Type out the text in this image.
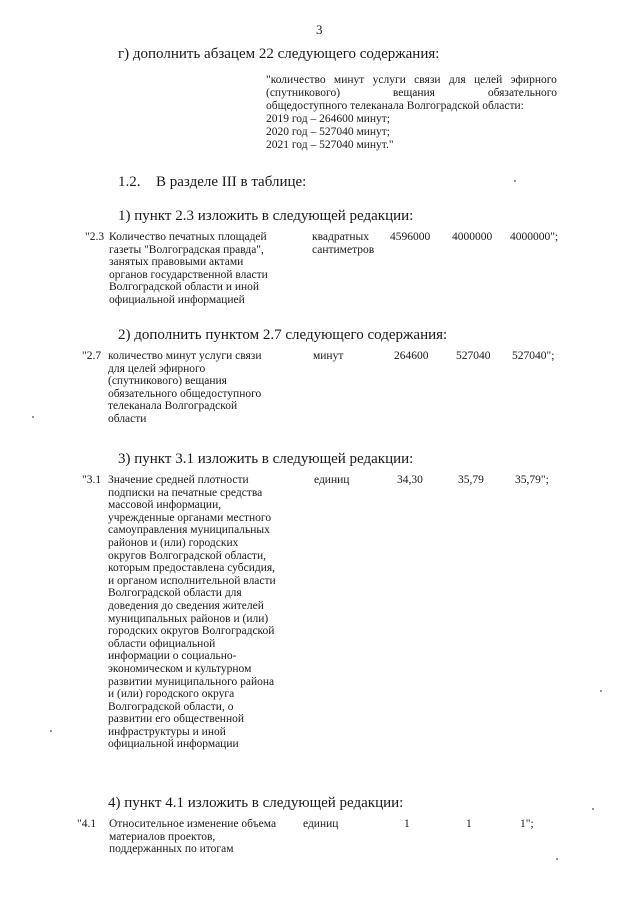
3
г) дополнить абзацем 22 следующего содержания:
"количество минут услуги связи для целей эфирного
(спутникового)	вещания	обязательного
общедоступного телеканала Волгоградской области:
2019 год – 264600 минут;
2020 год – 527040 минут;
2021 год – 527040 минут."
1.2. В разделе III в таблице:
1) пункт 2.3 изложить в следующей редакции:
"2.3 Количество печатных площадей
газеты "Волгоградская правда",
занятых правовыми актами
органов государственной власти
Волгоградской области и иной
официальной информацией
квадратных
сантиметров
4596000 4000000 4000000";
2) дополнить пунктом 2.7 следующего содержания:
"2.7 количество минут услуги связи
для целей эфирного
(спутникового) вещания
обязательного общедоступного
телеканала Волгоградской
области
минут	264600 527040 527040";
3) пункт 3.1 изложить в следующей редакции:
"3.1 Значение средней плотности
подписки на печатные средства
массовой информации,
учрежденные органами местного
самоуправления муниципальных
районов и (или) городских
округов Волгоградской области,
которым предоставлена субсидия,
и органом исполнительной власти
Волгоградской области для
доведения до сведения жителей
муниципальных районов и (или)
городских округов Волгоградской
области официальной
информации о социально-
экономическом и культурном
развитии муниципального района
и (или) городского округа
Волгоградской области, о
развитии его общественной
инфраструктуры и иной
официальной информации
единиц	34,30	35,79	35,79";
4) пункт 4.1 изложить в следующей редакции:
"4.1 Относительное изменение объема
материалов проектов,
поддержанных по итогам
единиц	1	1	1";
